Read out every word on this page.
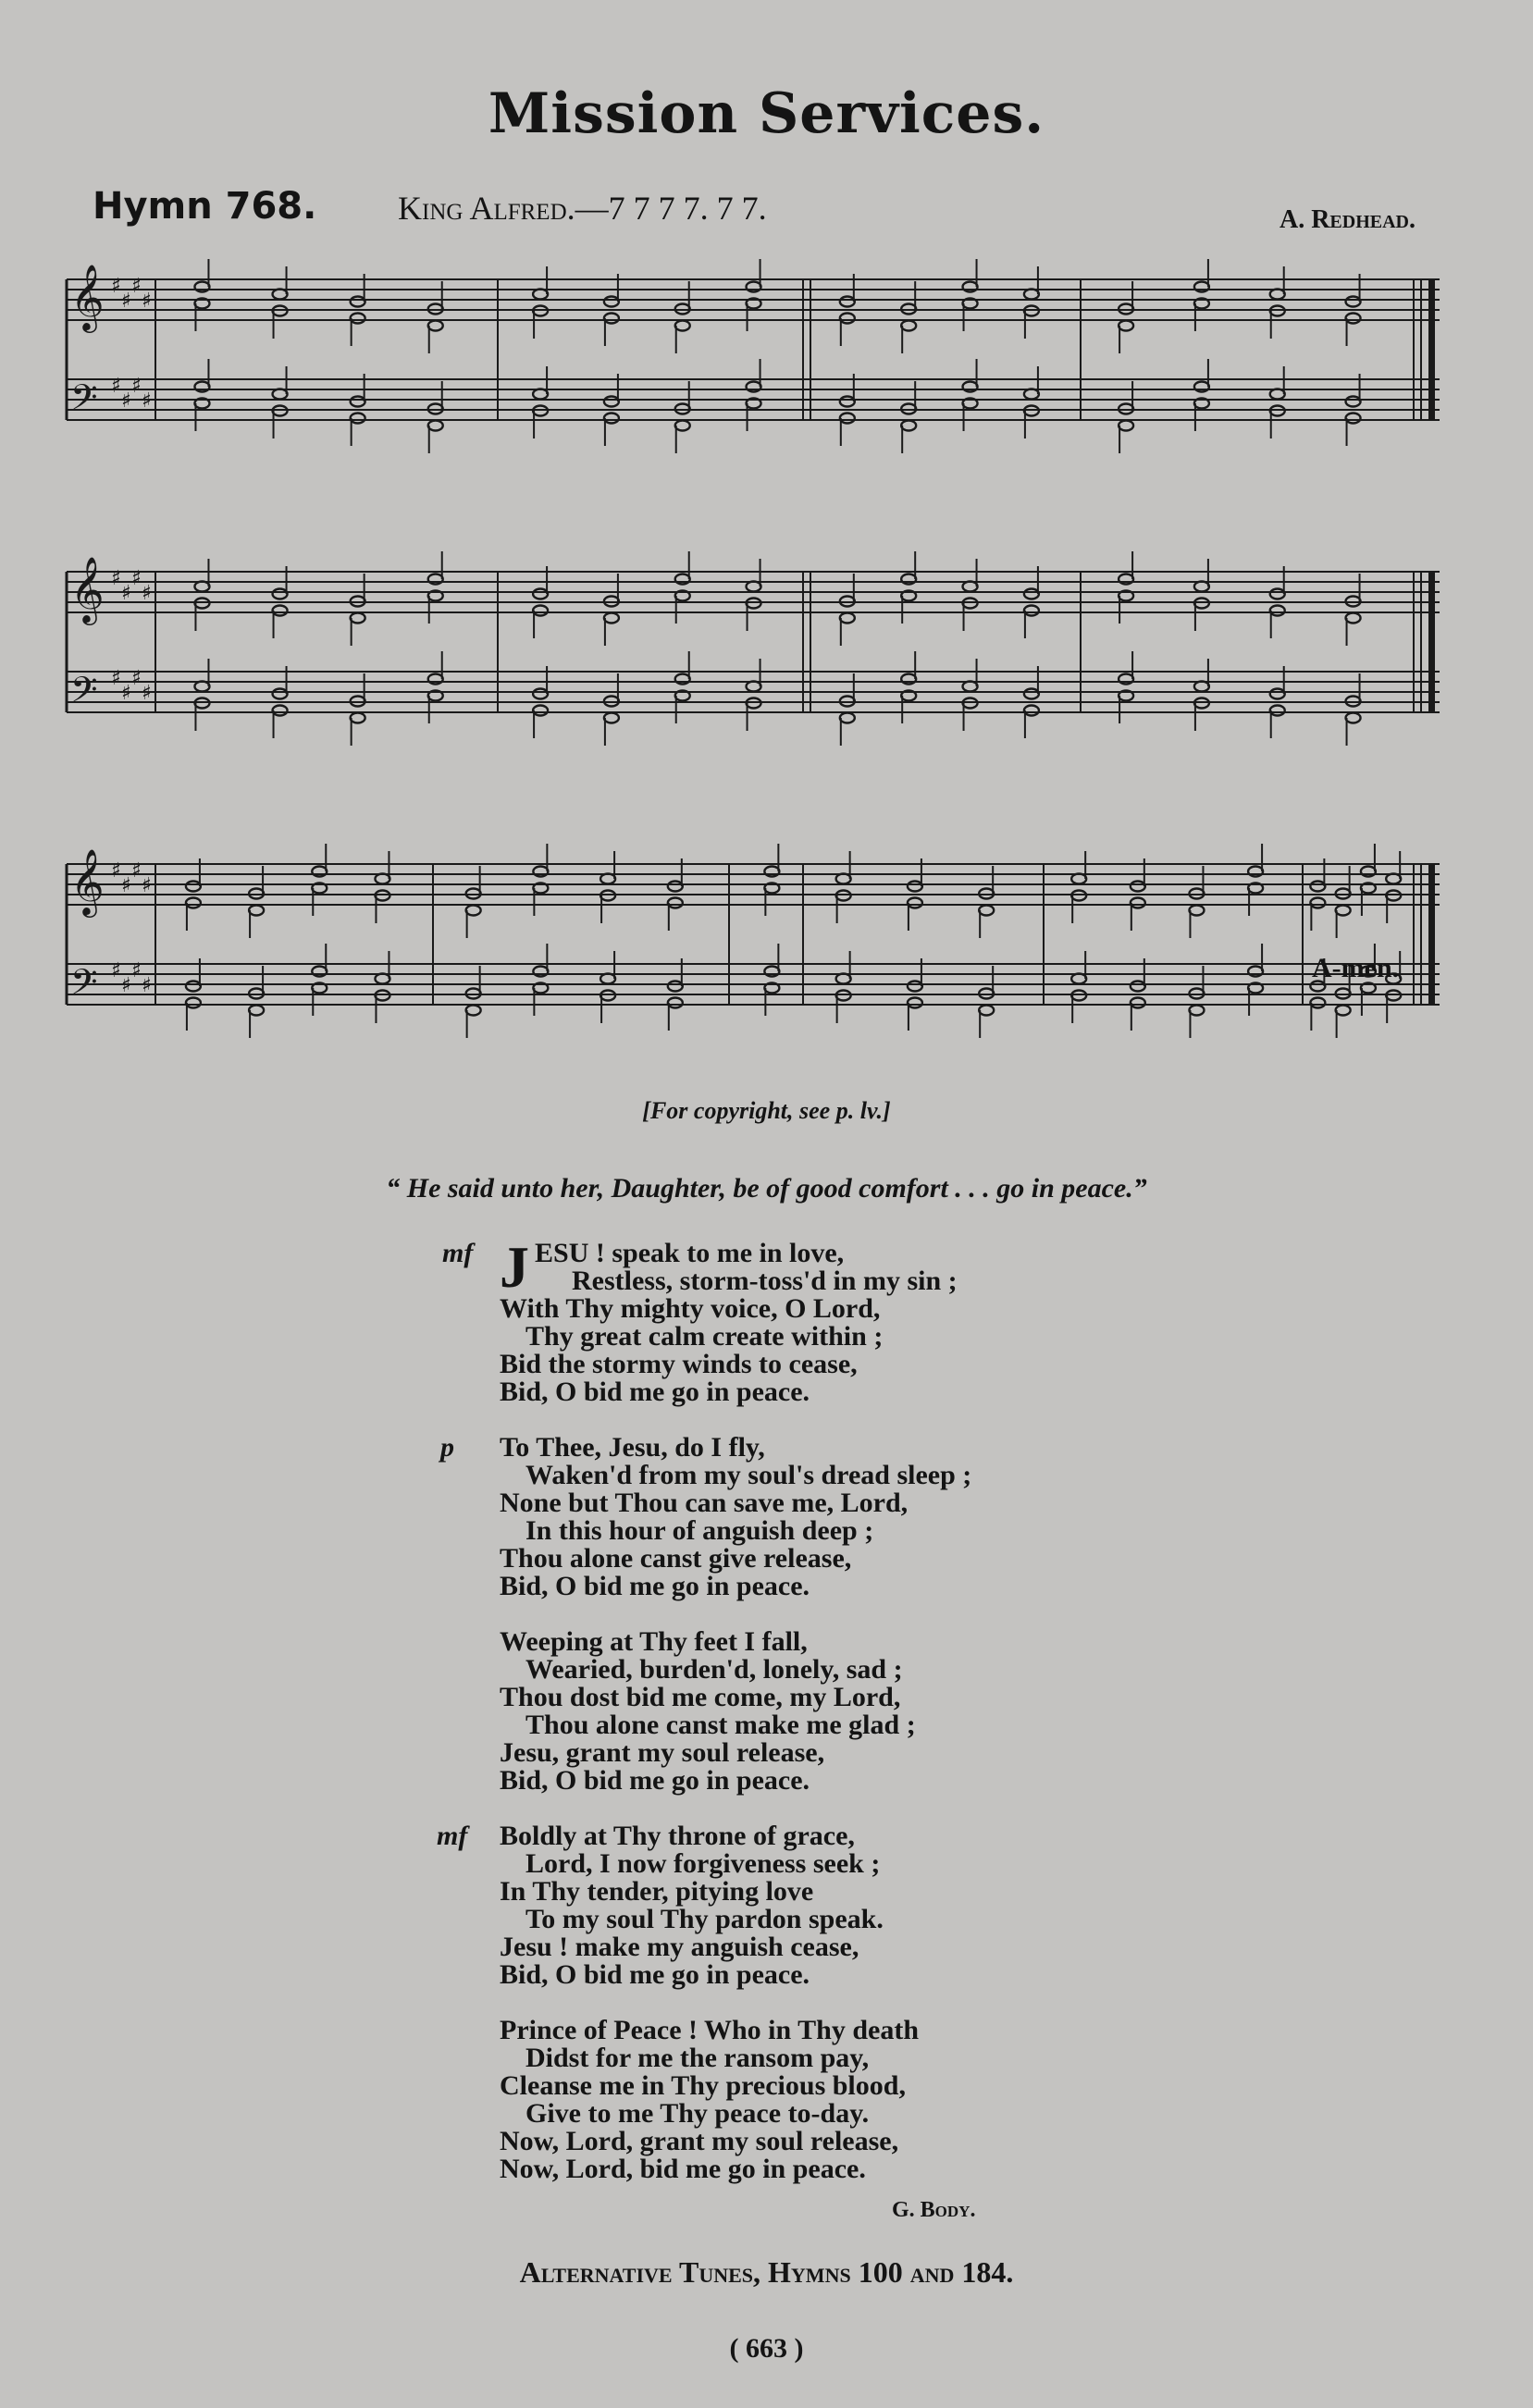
Mission Services.
Hymn 768. King Alfred.—7 7 7 7. 7 7.	A. Redhead.
𝄞 ♯
♯
♯
♯
𝄢 ♯
♯
♯
♯
𝄞 ♯
♯
♯
♯
𝄢 ♯
♯
♯
♯
𝄞 ♯
♯
♯
♯
𝄢 ♯
♯
♯
♯
A-men.
[For copyright, see p. lv.]
“ He said unto her, Daughter, be of good comfort . . . go in peace.”
mf JESU ! speak to me in love,
Restless, storm-toss'd in my sin ;
With Thy mighty voice, O Lord,
Thy great calm create within ;
Bid the stormy winds to cease,
Bid, O bid me go in peace.
p To Thee, Jesu, do I fly,
Waken'd from my soul's dread sleep ;
None but Thou can save me, Lord,
In this hour of anguish deep ;
Thou alone canst give release,
Bid, O bid me go in peace.
Weeping at Thy feet I fall,
Wearied, burden'd, lonely, sad ;
Thou dost bid me come, my Lord,
Thou alone canst make me glad ;
Jesu, grant my soul release,
Bid, O bid me go in peace.
mf Boldly at Thy throne of grace,
Lord, I now forgiveness seek ;
In Thy tender, pitying love
To my soul Thy pardon speak.
Jesu ! make my anguish cease,
Bid, O bid me go in peace.
Prince of Peace ! Who in Thy death
Didst for me the ransom pay,
Cleanse me in Thy precious blood,
Give to me Thy peace to-day.
Now, Lord, grant my soul release,
Now, Lord, bid me go in peace.
G. Body.
Alternative Tunes, Hymns 100 and 184.
( 663 )
